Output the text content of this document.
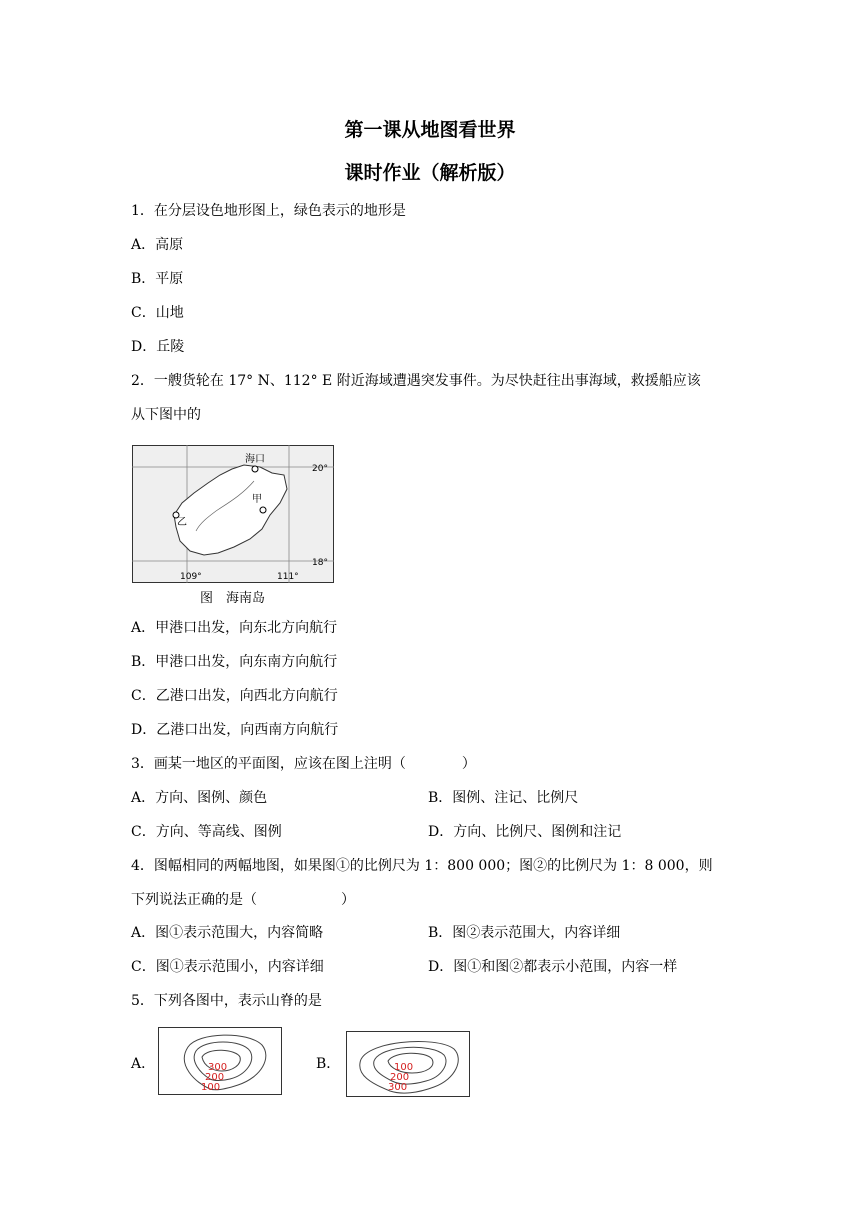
第一课从地图看世界
课时作业（解析版）
1．在分层设色地形图上，绿色表示的地形是
A．高原
B．平原
C．山地
D．丘陵
2．一艘货轮在 17° N、112° E 附近海域遭遇突发事件。为尽快赶往出事海域，救援船应该
从下图中的
海口
甲
乙
20°
18°
109°	111°
图　海南岛
A．甲港口出发，向东北方向航行
B．甲港口出发，向东南方向航行
C．乙港口出发，向西北方向航行
D．乙港口出发，向西南方向航行
3．画某一地区的平面图，应该在图上注明（　　　　）
A．方向、图例、颜色	B．图例、注记、比例尺
C．方向、等高线、图例	D．方向、比例尺、图例和注记
4．图幅相同的两幅地图，如果图①的比例尺为 1：800 000；图②的比例尺为 1：8 000，则
下列说法正确的是（　　　　　　）
A．图①表示范围大，内容简略	B．图②表示范围大，内容详细
C．图①表示范围小，内容详细	D．图①和图②都表示小范围，内容一样
5．下列各图中，表示山脊的是
A．	B．
300
200
100
100
200
300
